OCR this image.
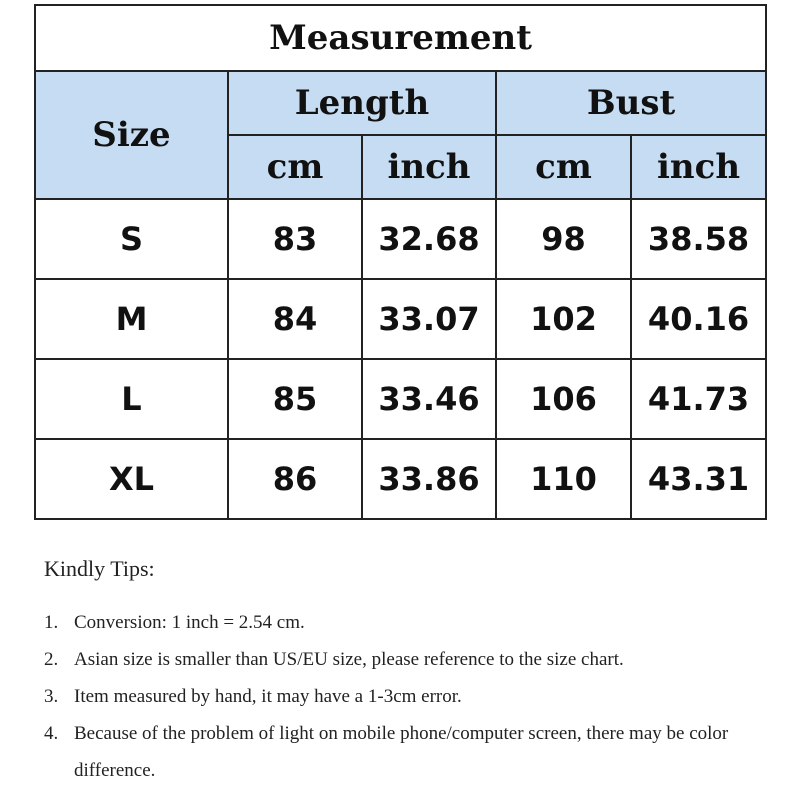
Measurement				
Size	Length		Bust	
	cm	inch	cm	inch
S	83	32.68	98	38.58
M	84	33.07	102	40.16
L	85	33.46	106	41.73
XL	86	33.86	110	43.31

Kindly Tips:

1. Conversion: 1 inch = 2.54 cm.
2. Asian size is smaller than US/EU size, please reference to the size chart.
3. Item measured by hand, it may have a 1-3cm error.
4. Because of the problem of light on mobile phone/computer screen, there may be color difference.
